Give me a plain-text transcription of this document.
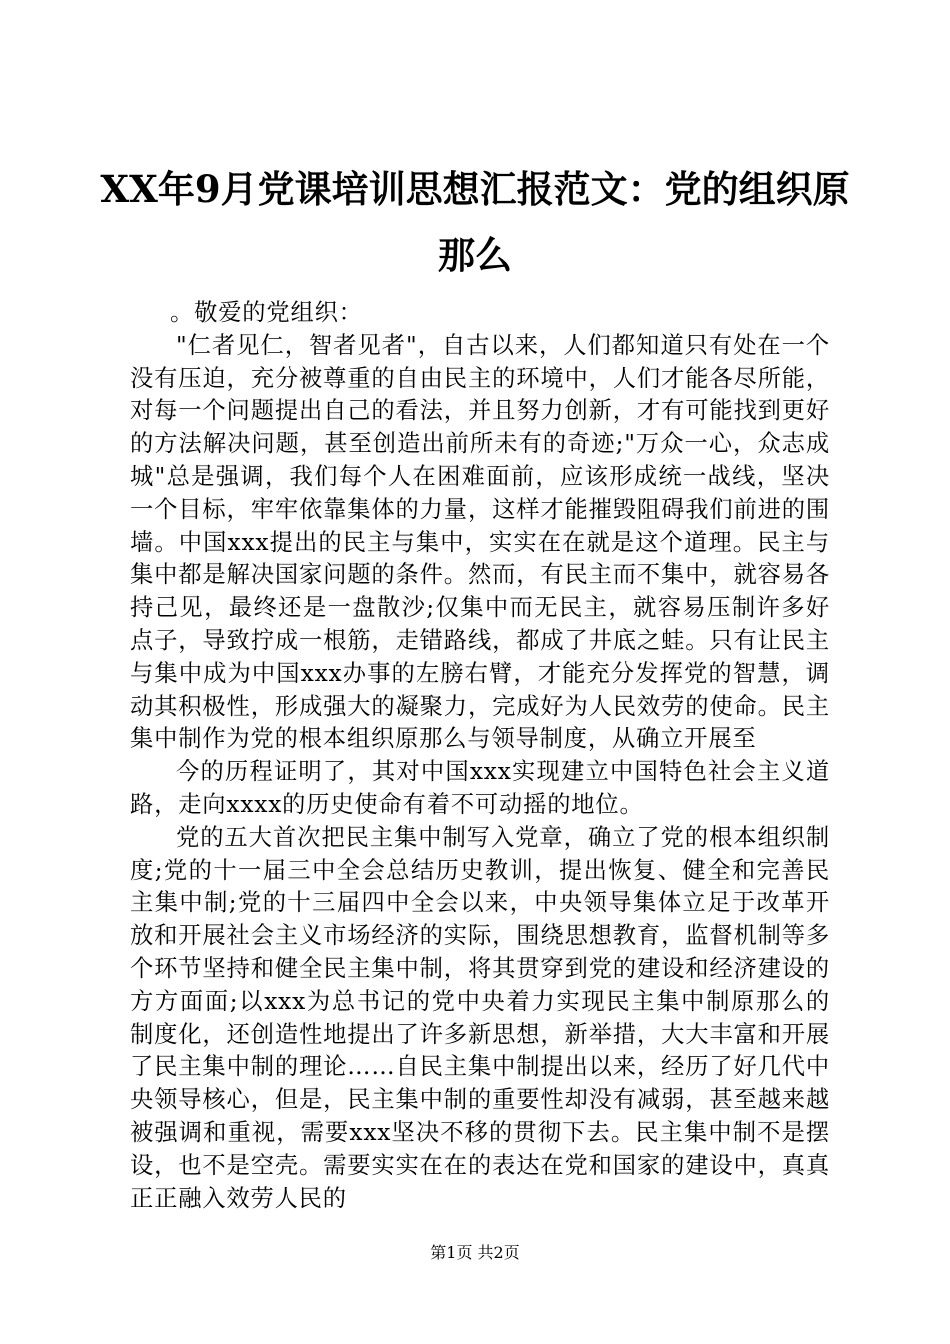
XX年9月党课培训思想汇报范文：党的组织原那么

。敬爱的党组织：

"仁者见仁，智者见者"，自古以来，人们都知道只有处在一个没有压迫，充分被尊重的自由民主的环境中，人们才能各尽所能，对每一个问题提出自己的看法，并且努力创新，才有可能找到更好的方法解决问题，甚至创造出前所未有的奇迹;"万众一心，众志成城"总是强调，我们每个人在困难面前，应该形成统一战线，坚决一个目标，牢牢依靠集体的力量，这样才能摧毁阻碍我们前进的围墙。中国xxx提出的民主与集中，实实在在就是这个道理。民主与集中都是解决国家问题的条件。然而，有民主而不集中，就容易各持己见，最终还是一盘散沙;仅集中而无民主，就容易压制许多好点子，导致拧成一根筋，走错路线，都成了井底之蛙。只有让民主与集中成为中国xxx办事的左膀右臂，才能充分发挥党的智慧，调动其积极性，形成强大的凝聚力，完成好为人民效劳的使命。民主集中制作为党的根本组织原那么与领导制度，从确立开展至

今的历程证明了，其对中国xxx实现建立中国特色社会主义道路，走向xxxx的历史使命有着不可动摇的地位。

党的五大首次把民主集中制写入党章，确立了党的根本组织制度;党的十一届三中全会总结历史教训，提出恢复、健全和完善民主集中制;党的十三届四中全会以来，中央领导集体立足于改革开放和开展社会主义市场经济的实际，围绕思想教育，监督机制等多个环节坚持和健全民主集中制，将其贯穿到党的建设和经济建设的方方面面;以xxx为总书记的党中央着力实现民主集中制原那么的制度化，还创造性地提出了许多新思想，新举措，大大丰富和开展了民主集中制的理论……自民主集中制提出以来，经历了好几代中央领导核心，但是，民主集中制的重要性却没有减弱，甚至越来越被强调和重视，需要xxx坚决不移的贯彻下去。民主集中制不是摆设，也不是空壳。需要实实在在的表达在党和国家的建设中，真真正正融入效劳人民的

第1页 共2页
